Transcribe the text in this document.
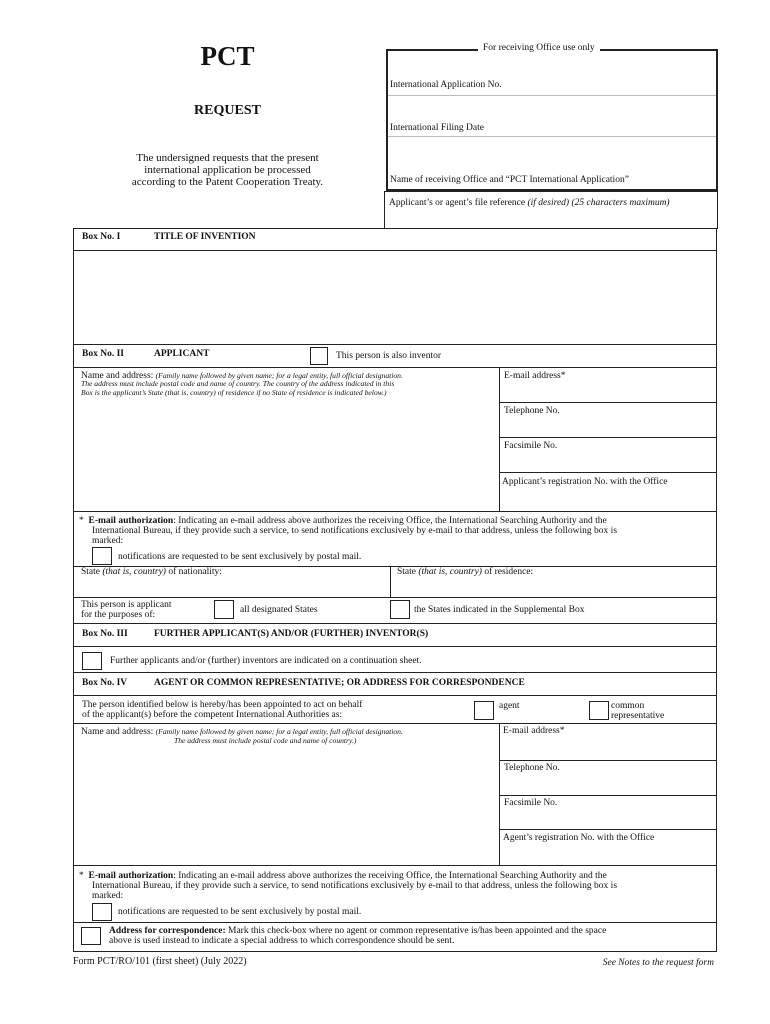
PCT
REQUEST
The undersigned requests that the present
international application be processed
according to the Patent Cooperation Treaty.
For receiving Office use only
International Application No.
International Filing Date
Name of receiving Office and “PCT International Application”
Applicant’s or agent’s file reference (if desired) (25 characters maximum)
Box No. I	TITLE OF INVENTION
Box No. II	APPLICANT	This person is also inventor
Name and address: (Family name followed by given name; for a legal entity, full official designation.
The address must include postal code and name of country. The country of the address indicated in this
Box is the applicant’s State (that is, country) of residence if no State of residence is indicated below.)
E-mail address*
Telephone No.
Facsimile No.
Applicant’s registration No. with the Office
*  E-mail authorization: Indicating an e-mail address above authorizes the receiving Office, the International Searching Authority and the
International Bureau, if they provide such a service, to send notifications exclusively by e-mail to that address, unless the following box is
marked:
notifications are requested to be sent exclusively by postal mail.
State (that is, country) of nationality:	State (that is, country) of residence:
This person is applicant
for the purposes of:	all designated States	the States indicated in the Supplemental Box
Box No. III	FURTHER APPLICANT(S) AND/OR (FURTHER) INVENTOR(S)
Further applicants and/or (further) inventors are indicated on a continuation sheet.
Box No. IV	AGENT OR COMMON REPRESENTATIVE; OR ADDRESS FOR CORRESPONDENCE
The person identified below is hereby/has been appointed to act on behalf
of the applicant(s) before the competent International Authorities as:
agent	common
representative
Name and address: (Family name followed by given name; for a legal entity, full official designation.
The address must include postal code and name of country.)
E-mail address*
Telephone No.
Facsimile No.
Agent’s registration No. with the Office
*  E-mail authorization: Indicating an e-mail address above authorizes the receiving Office, the International Searching Authority and the
International Bureau, if they provide such a service, to send notifications exclusively by e-mail to that address, unless the following box is
marked:
notifications are requested to be sent exclusively by postal mail.
Address for correspondence: Mark this check-box where no agent or common representative is/has been appointed and the space
above is used instead to indicate a special address to which correspondence should be sent.
Form PCT/RO/101 (first sheet) (July 2022)	See Notes to the request form
